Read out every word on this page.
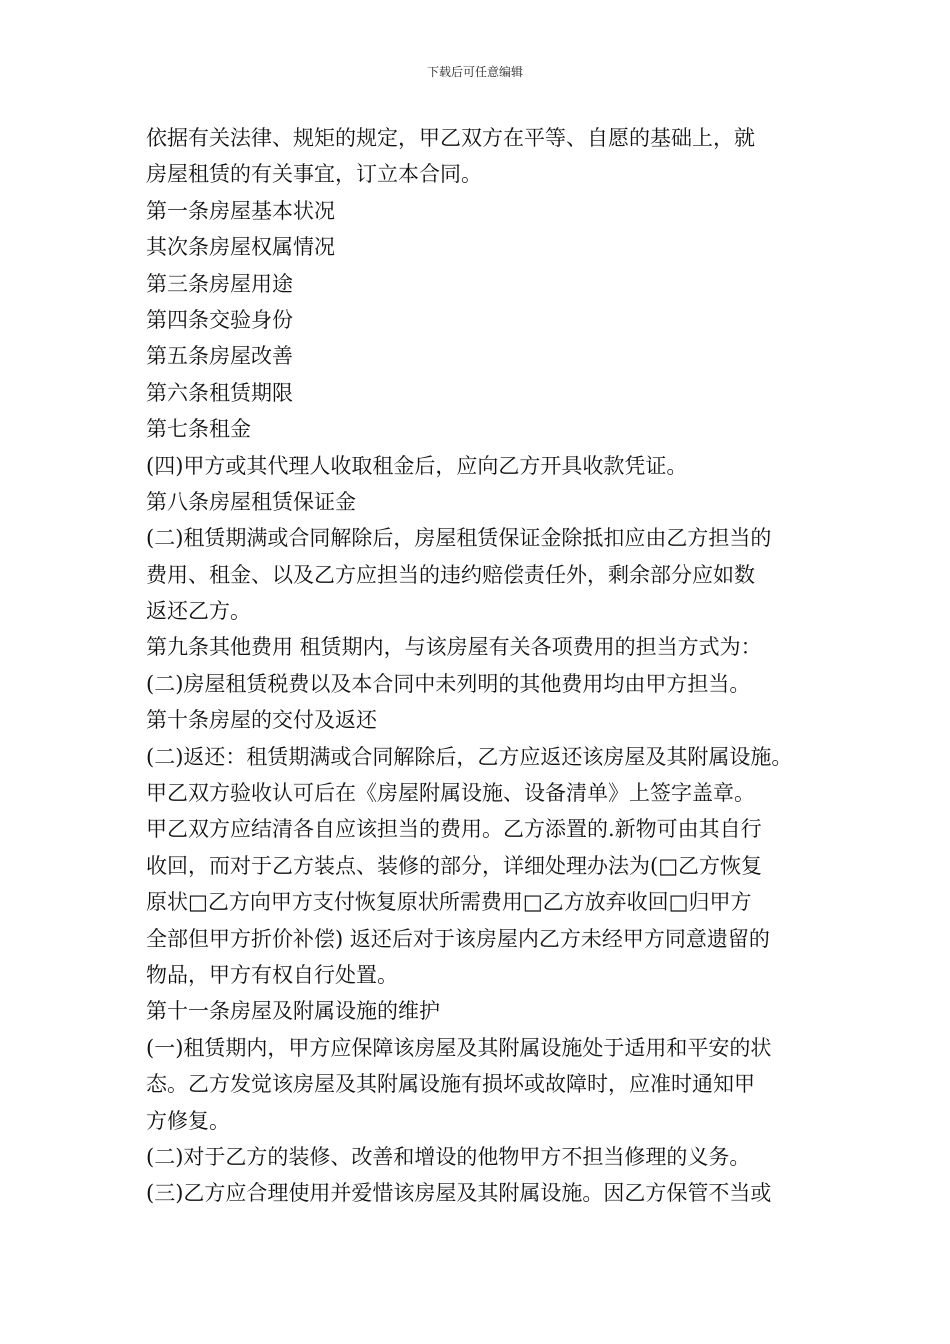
下载后可任意编辑
依据有关法律、规矩的规定，甲乙双方在平等、自愿的基础上，就
房屋租赁的有关事宜，订立本合同。
第一条房屋基本状况
其次条房屋权属情况
第三条房屋用途
第四条交验身份
第五条房屋改善
第六条租赁期限
第七条租金
(四)甲方或其代理人收取租金后，应向乙方开具收款凭证。
第八条房屋租赁保证金
(二)租赁期满或合同解除后，房屋租赁保证金除抵扣应由乙方担当的
费用、租金、以及乙方应担当的违约赔偿责任外，剩余部分应如数
返还乙方。
第九条其他费用 租赁期内，与该房屋有关各项费用的担当方式为：
(二)房屋租赁税费以及本合同中未列明的其他费用均由甲方担当。
第十条房屋的交付及返还
(二)返还：租赁期满或合同解除后，乙方应返还该房屋及其附属设施。
甲乙双方验收认可后在《房屋附属设施、设备清单》上签字盖章。
甲乙双方应结清各自应该担当的费用。乙方添置的.新物可由其自行
收回，而对于乙方装点、装修的部分，详细处理办法为(□乙方恢复
原状□乙方向甲方支付恢复原状所需费用□乙方放弃收回□归甲方
全部但甲方折价补偿) 返还后对于该房屋内乙方未经甲方同意遗留的
物品，甲方有权自行处置。
第十一条房屋及附属设施的维护
(一)租赁期内，甲方应保障该房屋及其附属设施处于适用和平安的状
态。乙方发觉该房屋及其附属设施有损坏或故障时，应准时通知甲
方修复。
(二)对于乙方的装修、改善和增设的他物甲方不担当修理的义务。
(三)乙方应合理使用并爱惜该房屋及其附属设施。因乙方保管不当或
